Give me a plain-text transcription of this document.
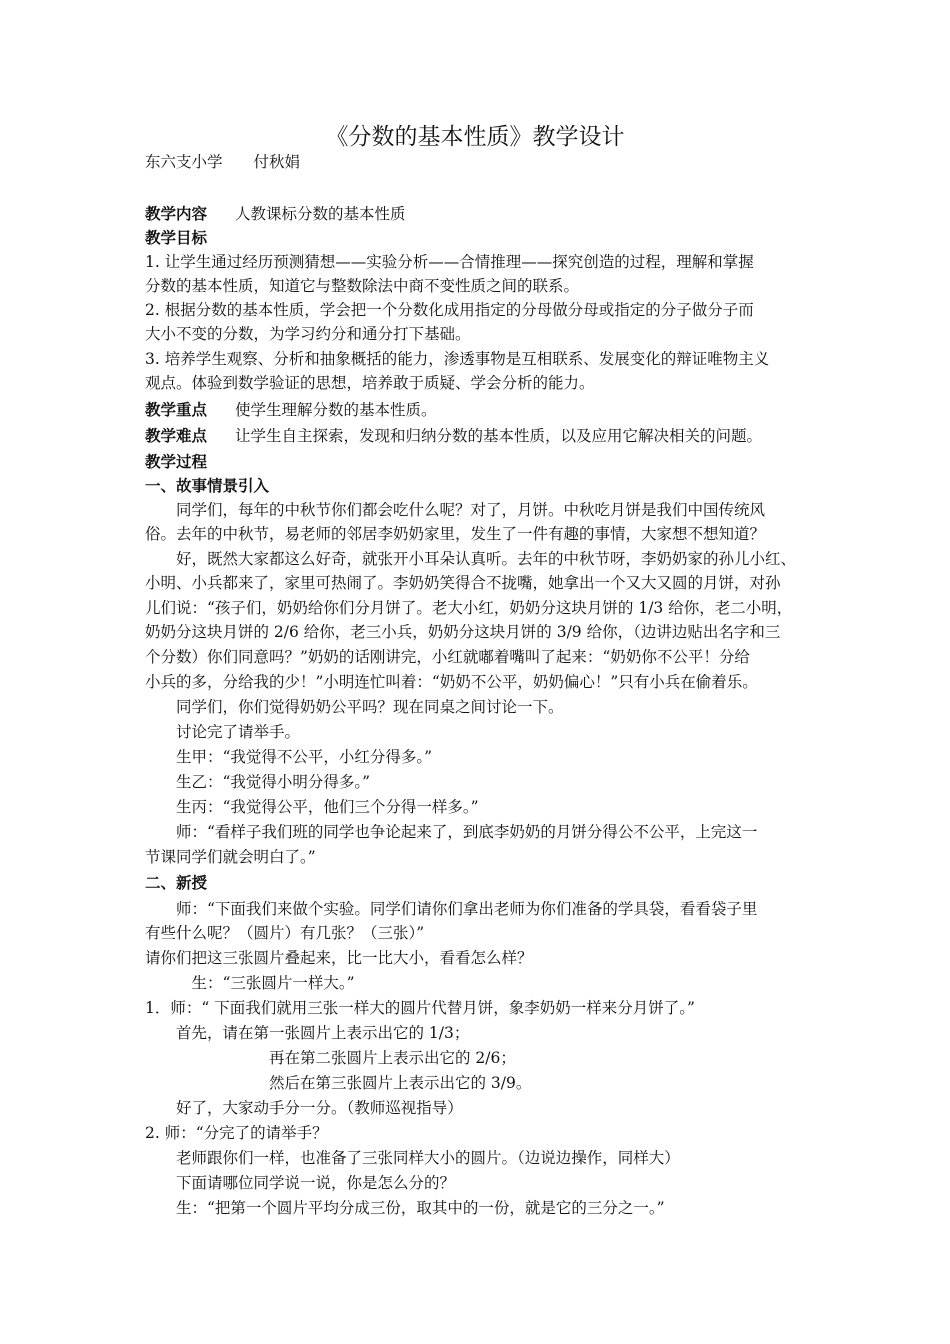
《分数的基本性质》教学设计
东六支小学　　付秋娟
教学内容 人教课标分数的基本性质
教学目标
1. 让学生通过经历预测猜想——实验分析——合情推理——探究创造的过程，理解和掌握
分数的基本性质，知道它与整数除法中商不变性质之间的联系。
2. 根据分数的基本性质，学会把一个分数化成用指定的分母做分母或指定的分子做分子而
大小不变的分数，为学习约分和通分打下基础。
3. 培养学生观察、分析和抽象概括的能力，渗透事物是互相联系、发展变化的辩证唯物主义
观点。体验到数学验证的思想，培养敢于质疑、学会分析的能力。
教学重点 使学生理解分数的基本性质。
教学难点 让学生自主探索，发现和归纳分数的基本性质，以及应用它解决相关的问题。
教学过程
一、故事情景引入
　　同学们，每年的中秋节你们都会吃什么呢？对了，月饼。中秋吃月饼是我们中国传统风
俗。去年的中秋节，易老师的邻居李奶奶家里，发生了一件有趣的事情，大家想不想知道？
　　好，既然大家都这么好奇，就张开小耳朵认真听。去年的中秋节呀，李奶奶家的孙儿小红、
小明、小兵都来了，家里可热闹了。李奶奶笑得合不拢嘴，她拿出一个又大又圆的月饼，对孙
儿们说：“孩子们，奶奶给你们分月饼了。老大小红，奶奶分这块月饼的 1/3 给你，老二小明，
奶奶分这块月饼的 2/6 给你，老三小兵，奶奶分这块月饼的 3/9 给你，（边讲边贴出名字和三
个分数）你们同意吗？”奶奶的话刚讲完，小红就嘟着嘴叫了起来：“奶奶你不公平！分给
小兵的多，分给我的少！”小明连忙叫着：“奶奶不公平，奶奶偏心！”只有小兵在偷着乐。
　　同学们，你们觉得奶奶公平吗？现在同桌之间讨论一下。
　　讨论完了请举手。
　　生甲：“我觉得不公平，小红分得多。”
　　生乙：“我觉得小明分得多。”
　　生丙：“我觉得公平，他们三个分得一样多。”
　　师：“看样子我们班的同学也争论起来了，到底李奶奶的月饼分得公不公平，上完这一
节课同学们就会明白了。”
二、新授
　　师：“下面我们来做个实验。同学们请你们拿出老师为你们准备的学具袋，看看袋子里
有些什么呢？（圆片）有几张？（三张）”
请你们把这三张圆片叠起来，比一比大小，看看怎么样？
　　　生：“三张圆片一样大。”
1．师：“ 下面我们就用三张一样大的圆片代替月饼，象李奶奶一样来分月饼了。”
　　首先，请在第一张圆片上表示出它的 1/3；
　　　　　　　　再在第二张圆片上表示出它的 2/6；
　　　　　　　　然后在第三张圆片上表示出它的 3/9。
　　好了，大家动手分一分。（教师巡视指导）
2. 师：“分完了的请举手？
　　老师跟你们一样，也准备了三张同样大小的圆片。（边说边操作，同样大）
　　下面请哪位同学说一说，你是怎么分的？
　　生：“把第一个圆片平均分成三份，取其中的一份，就是它的三分之一。”
